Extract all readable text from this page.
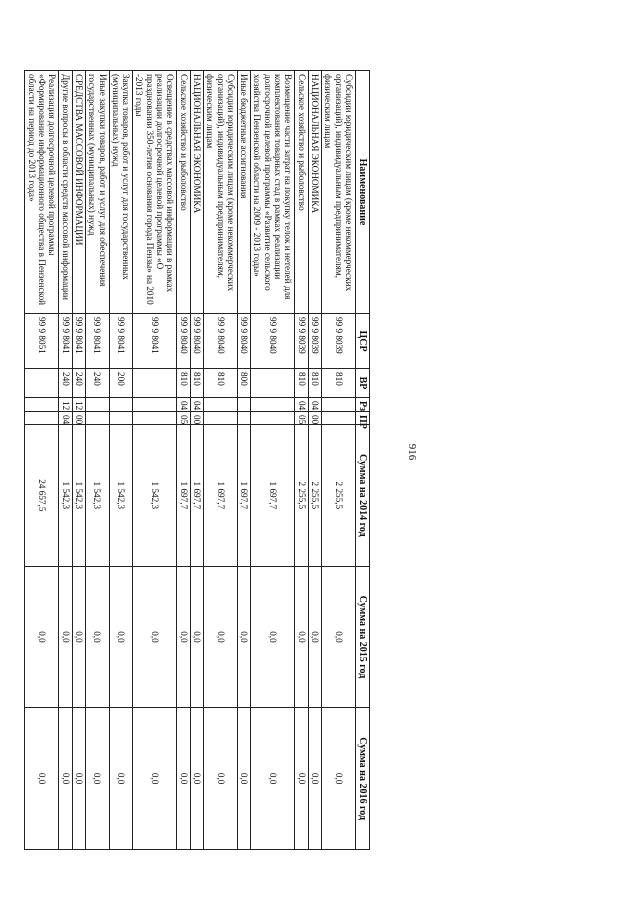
916
Наименование	ЦСР	ВР	Рз	ПР	Сумма на 2014 год	Сумма на 2015 год	Сумма на 2016 год
Субсидии юридическим лицам (кроме некоммерческих организаций), индивидуальным предпринимателям, физическим лицам	99 9 8039	810			2 255,5	0,0	0,0
НАЦИОНАЛЬНАЯ ЭКОНОМИКА	99 9 8039	810	04	00	2 255,5	0,0	0,0
Сельское хозяйство и рыболовство	99 9 8039	810	04	05	2 255,5	0,0	0,0
Возмещение части затрат на покупку телок и нетелей для комплектования товарных стад в рамках реализации долгосрочной целевой программы «Развитие сельского хозяйства Пензенской области на 2009 - 2013 годы»	99 9 8040				1 697,7	0,0	0,0
Иные бюджетные ассигнования	99 9 8040	800			1 697,7	0,0	0,0
Субсидии юридическим лицам (кроме некоммерческих организаций), индивидуальным предпринимателям, физическим лицам	99 9 8040	810			1 697,7	0,0	0,0
НАЦИОНАЛЬНАЯ ЭКОНОМИКА	99 9 8040	810	04	00	1 697,7	0,0	0,0
Сельское хозяйство и рыболовство	99 9 8040	810	04	05	1 697,7	0,0	0,0
Освещение в средствах массовой информации в рамках реализации долгосрочной целевой программы «О праздновании 350-летия основания города Пензы» на 2010 -2013 годы	99 9 8041				1 542,3	0,0	0,0
Закупка товаров, работ и услуг для государственных (муниципальных) нужд	99 9 8041	200			1 542,3	0,0	0,0
Иные закупки товаров, работ и услуг для обеспечения государственных (муниципальных) нужд	99 9 8041	240			1 542,3	0,0	0,0
СРЕДСТВА МАССОВОЙ ИНФОРМАЦИИ	99 9 8041	240	12	00	1 542,3	0,0	0,0
Другие вопросы в области средств массовой информации	99 9 8041	240	12	04	1 542,3	0,0	0,0
Реализация долгосрочной целевой программы «Формирование информационного общества в Пензенской области на период до 2013 года»	99 9 8051				24 657,5	0,0	0,0
